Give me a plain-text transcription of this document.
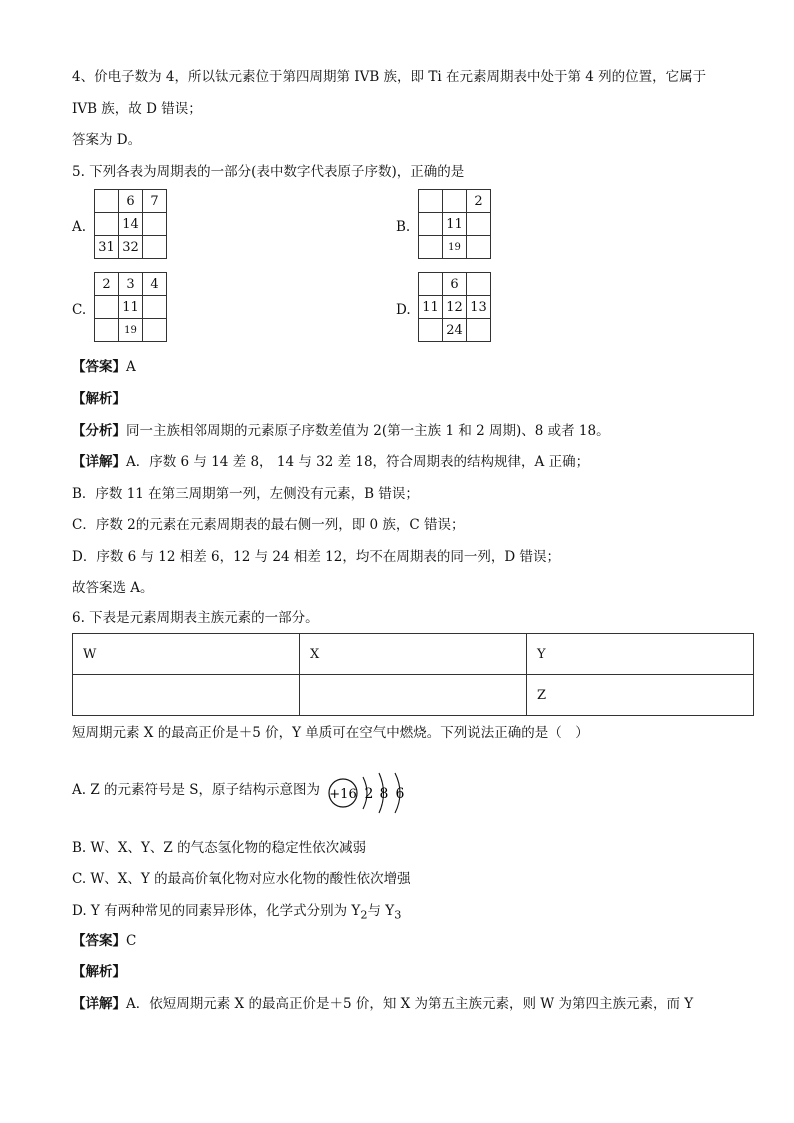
4、价电子数为 4，所以钛元素位于第四周期第 IVB 族，即 Ti 在元素周期表中处于第 4 列的位置，它属于
IVB 族，故 D 错误；
答案为 D。
5. 下列各表为周期表的一部分(表中数字代表原子序数)，正确的是
A.
	6	7
	14	
31	32	
B.
		2
	11	
	19	
C.
2	3	4
	11	
	19	
D.
	6	
11	12	13
	24	
【答案】A
【解析】
【分析】同一主族相邻周期的元素原子序数差值为 2(第一主族 1 和 2 周期)、8 或者 18。
【详解】A．序数 6 与 14 差 8， 14 与 32 差 18，符合周期表的结构规律，A 正确；
B．序数 11 在第三周期第一列，左侧没有元素，B 错误；
C．序数 2的元素在元素周期表的最右侧一列，即 0 族，C 错误；
D．序数 6 与 12 相差 6，12 与 24 相差 12，均不在周期表的同一列，D 错误；
故答案选 A。
6. 下表是元素周期表主族元素的一部分。
W	X	Y
		Z
短周期元素 X 的最高正价是＋5 价，Y 单质可在空气中燃烧。下列说法正确的是（　）
A. Z 的元素符号是 S，原子结构示意图为 +16 2 8 6
B. W、X、Y、Z 的气态氢化物的稳定性依次减弱
C. W、X、Y 的最高价氧化物对应水化物的酸性依次增强
D. Y 有两种常见的同素异形体，化学式分别为 $Y_2$与 $Y_3$
【答案】C
【解析】
【详解】A．依短周期元素 X 的最高正价是＋5 价，知 X 为第五主族元素，则 W 为第四主族元素，而 Y
